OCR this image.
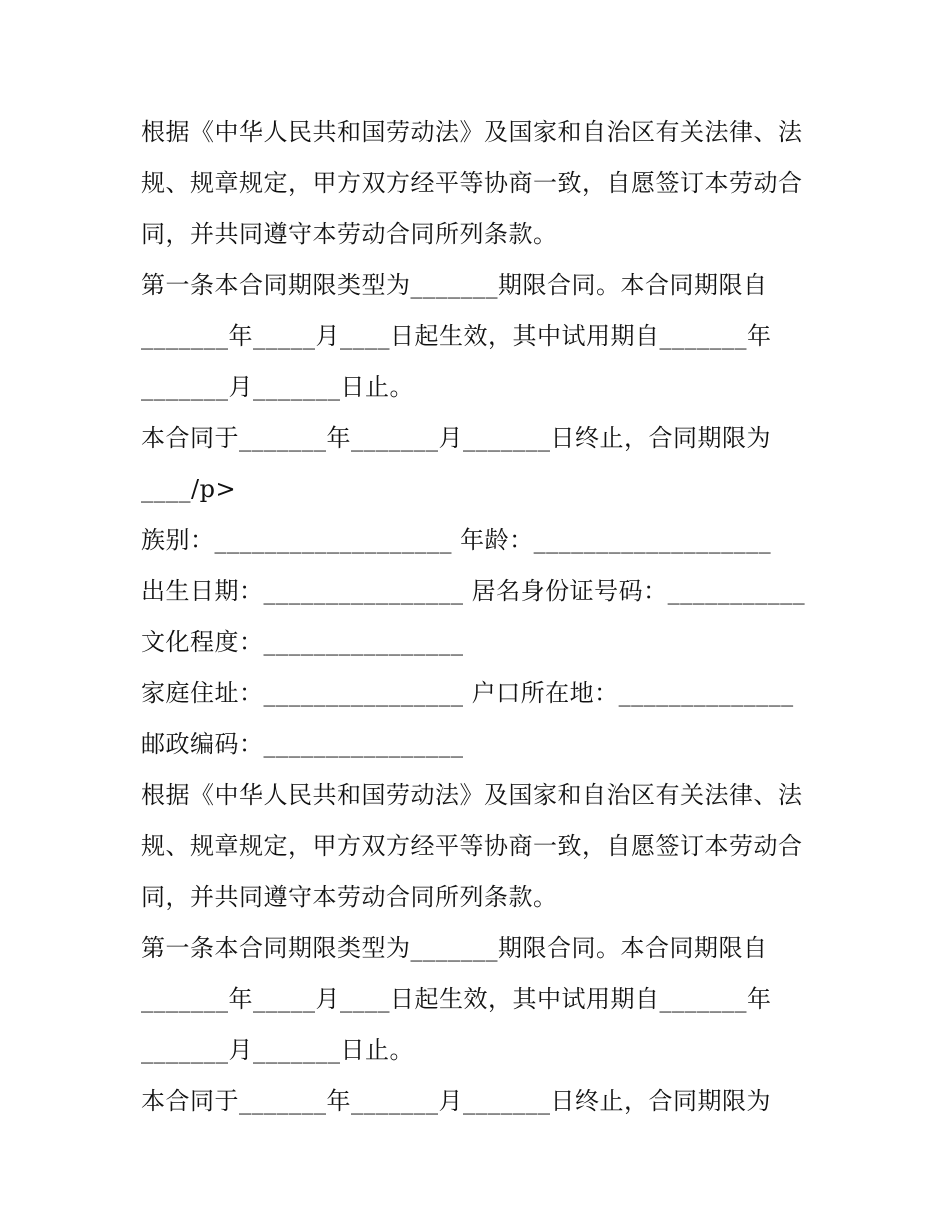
根据《中华人民共和国劳动法》及国家和自治区有关法律、法
规、规章规定，甲方双方经平等协商一致，自愿签订本劳动合
同，并共同遵守本劳动合同所列条款。
第一条本合同期限类型为_______期限合同。本合同期限自
_______年_____月____日起生效，其中试用期自_______年
_______月_______日止。
本合同于_______年_______月_______日终止，合同期限为
____/p>
族别：___________________ 年龄：___________________
出生日期：________________ 居名身份证号码：___________
文化程度：________________
家庭住址：________________ 户口所在地：______________
邮政编码：________________
根据《中华人民共和国劳动法》及国家和自治区有关法律、法
规、规章规定，甲方双方经平等协商一致，自愿签订本劳动合
同，并共同遵守本劳动合同所列条款。
第一条本合同期限类型为_______期限合同。本合同期限自
_______年_____月____日起生效，其中试用期自_______年
_______月_______日止。
本合同于_______年_______月_______日终止，合同期限为
